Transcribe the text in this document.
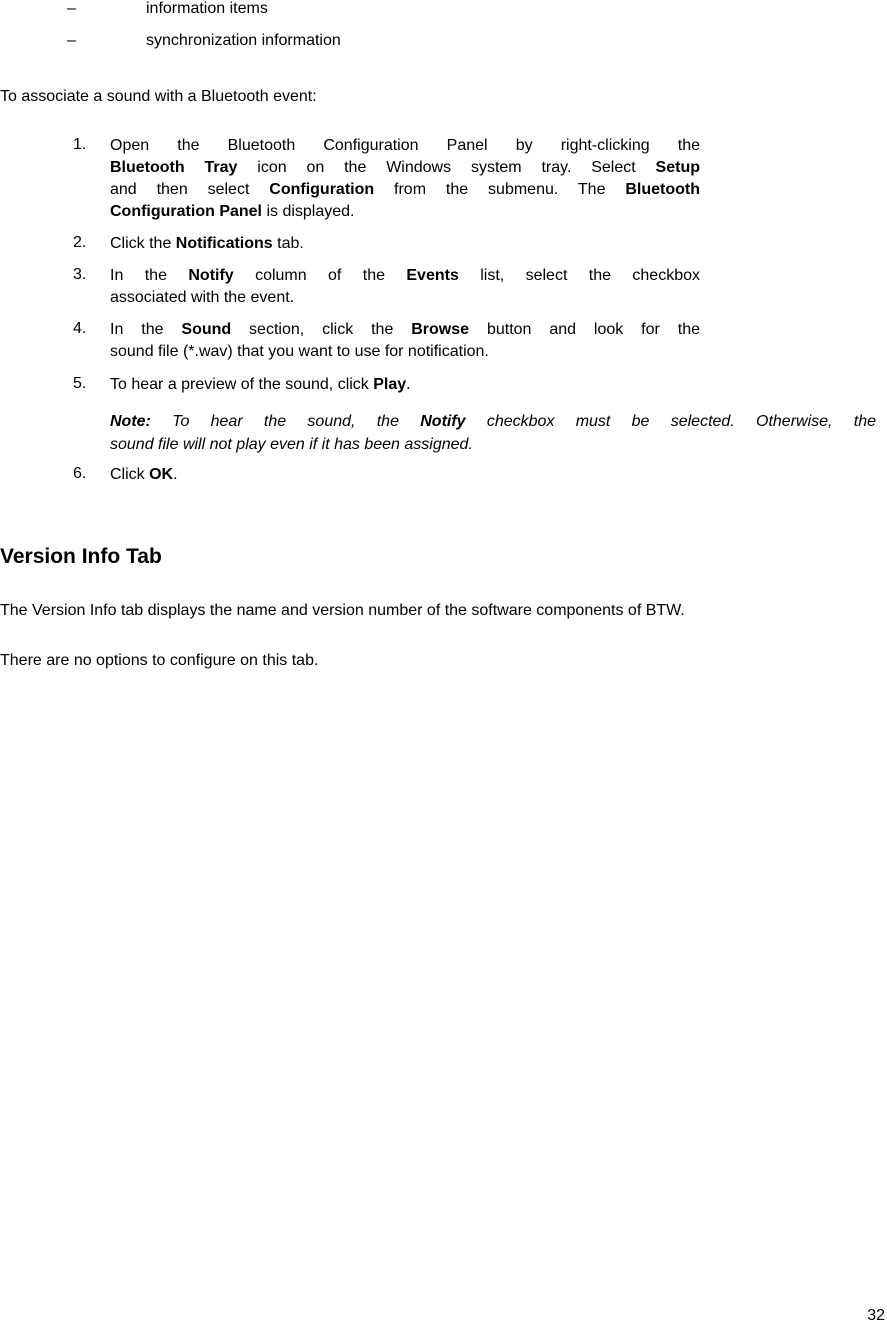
–	information items
–	synchronization information
To associate a sound with a Bluetooth event:
1. Open the Bluetooth Configuration Panel by right-clicking the
Bluetooth Tray icon on the Windows system tray. Select Setup
and then select Configuration from the submenu. The Bluetooth
Configuration Panel is displayed.
2. Click the Notifications tab.
3. In the Notify column of the Events list, select the checkbox
associated with the event.
4. In the Sound section, click the Browse button and look for the
sound file (*.wav) that you want to use for notification.
5. To hear a preview of the sound, click Play.
Note: To hear the sound, the Notify checkbox must be selected. Otherwise, the
sound file will not play even if it has been assigned.
6. Click OK.
Version Info Tab
The Version Info tab displays the name and version number of the software components of BTW.
There are no options to configure on this tab.
32
